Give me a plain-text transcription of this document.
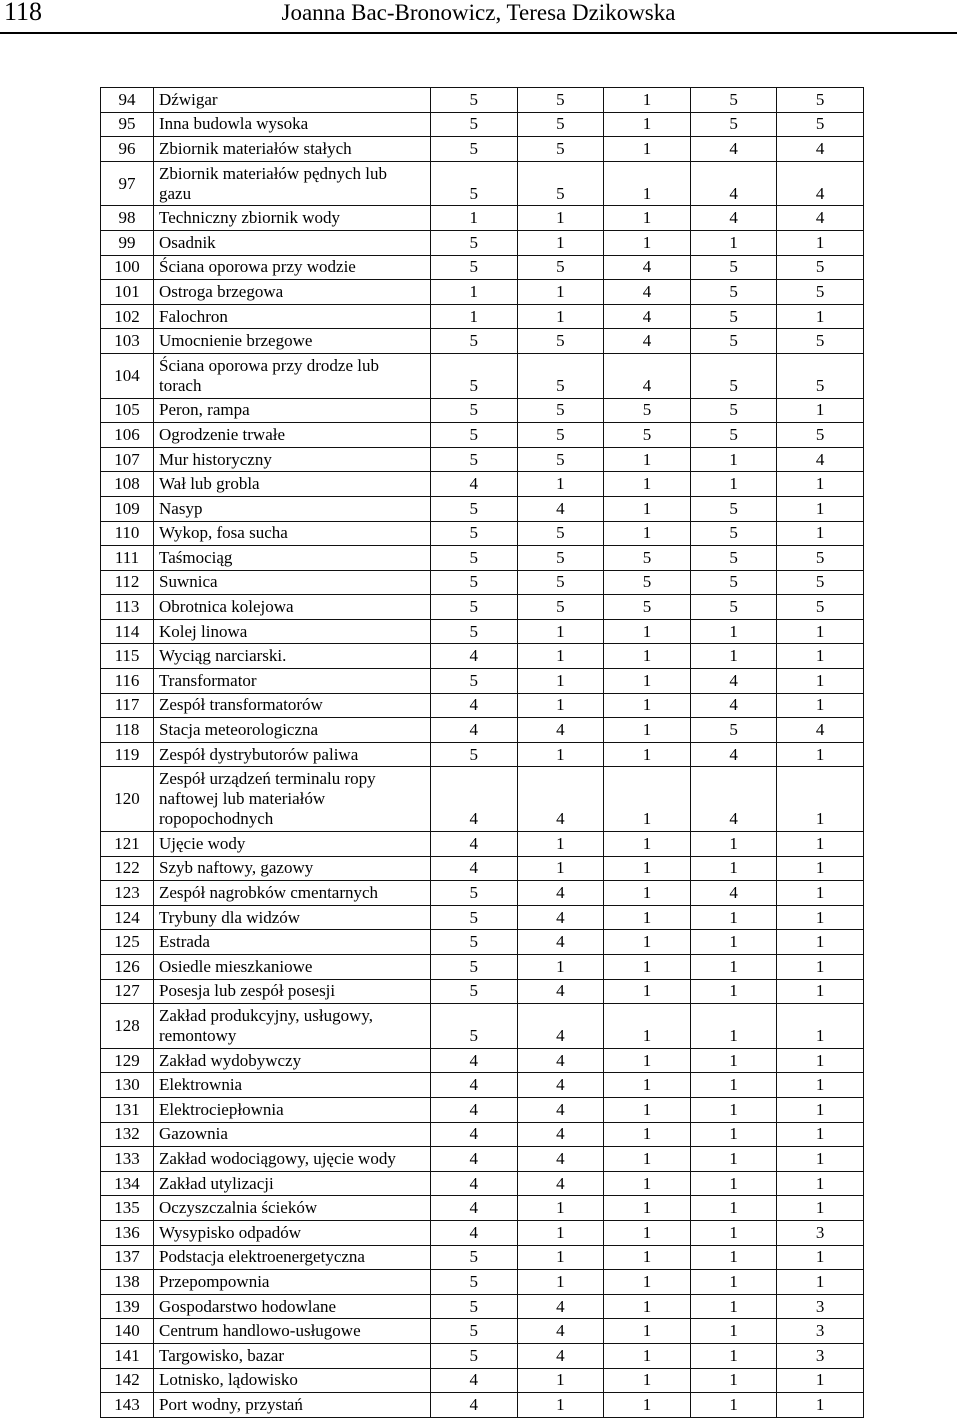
118	Joanna Bac-Bronowicz, Teresa Dzikowska
94	Dźwigar	5	5	1	5	5
95	Inna budowla wysoka	5	5	1	5	5
96	Zbiornik materiałów stałych	5	5	1	4	4
97	Zbiornik materiałów pędnych lub gazu	5	5	1	4	4
98	Techniczny zbiornik wody	1	1	1	4	4
99	Osadnik	5	1	1	1	1
100	Ściana oporowa przy wodzie	5	5	4	5	5
101	Ostroga brzegowa	1	1	4	5	5
102	Falochron	1	1	4	5	1
103	Umocnienie brzegowe	5	5	4	5	5
104	Ściana oporowa przy drodze lub torach	5	5	4	5	5
105	Peron, rampa	5	5	5	5	1
106	Ogrodzenie trwałe	5	5	5	5	5
107	Mur historyczny	5	5	1	1	4
108	Wał lub grobla	4	1	1	1	1
109	Nasyp	5	4	1	5	1
110	Wykop, fosa sucha	5	5	1	5	1
111	Taśmociąg	5	5	5	5	5
112	Suwnica	5	5	5	5	5
113	Obrotnica kolejowa	5	5	5	5	5
114	Kolej linowa	5	1	1	1	1
115	Wyciąg narciarski.	4	1	1	1	1
116	Transformator	5	1	1	4	1
117	Zespół transformatorów	4	1	1	4	1
118	Stacja meteorologiczna	4	4	1	5	4
119	Zespół dystrybutorów paliwa	5	1	1	4	1
120	Zespół urządzeń terminalu ropy naftowej lub materiałów ropopochodnych	4	4	1	4	1
121	Ujęcie wody	4	1	1	1	1
122	Szyb naftowy, gazowy	4	1	1	1	1
123	Zespół nagrobków cmentarnych	5	4	1	4	1
124	Trybuny dla widzów	5	4	1	1	1
125	Estrada	5	4	1	1	1
126	Osiedle mieszkaniowe	5	1	1	1	1
127	Posesja lub zespół posesji	5	4	1	1	1
128	Zakład produkcyjny, usługowy, remontowy	5	4	1	1	1
129	Zakład wydobywczy	4	4	1	1	1
130	Elektrownia	4	4	1	1	1
131	Elektrociepłownia	4	4	1	1	1
132	Gazownia	4	4	1	1	1
133	Zakład wodociągowy, ujęcie wody	4	4	1	1	1
134	Zakład utylizacji	4	4	1	1	1
135	Oczyszczalnia ścieków	4	1	1	1	1
136	Wysypisko odpadów	4	1	1	1	3
137	Podstacja elektroenergetyczna	5	1	1	1	1
138	Przepompownia	5	1	1	1	1
139	Gospodarstwo hodowlane	5	4	1	1	3
140	Centrum handlowo-usługowe	5	4	1	1	3
141	Targowisko, bazar	5	4	1	1	3
142	Lotnisko, lądowisko	4	1	1	1	1
143	Port wodny, przystań	4	1	1	1	1
